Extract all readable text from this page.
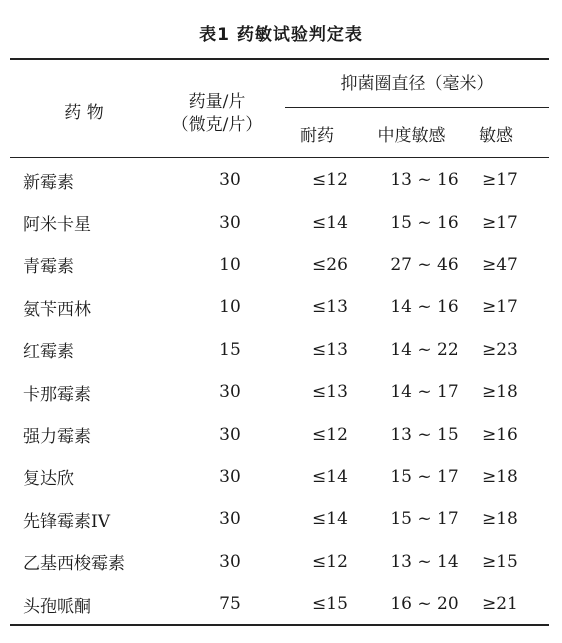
表1 药敏试验判定表
药 物
药量/片
（微克/片）
抑菌圈直径（毫米）
耐药	中度敏感	敏感
新霉素	30	≤12	13 ~ 16	≥17
阿米卡星	30	≤14	15 ~ 16	≥17
青霉素	10	≤26	27 ~ 46	≥47
氨苄西林	10	≤13	14 ~ 16	≥17
红霉素	15	≤13	14 ~ 22	≥23
卡那霉素	30	≤13	14 ~ 17	≥18
强力霉素	30	≤12	13 ~ 15	≥16
复达欣	30	≤14	15 ~ 17	≥18
先锋霉素IV	30	≤14	15 ~ 17	≥18
乙基西梭霉素	30	≤12	13 ~ 14	≥15
头孢哌酮	75	≤15	16 ~ 20	≥21
